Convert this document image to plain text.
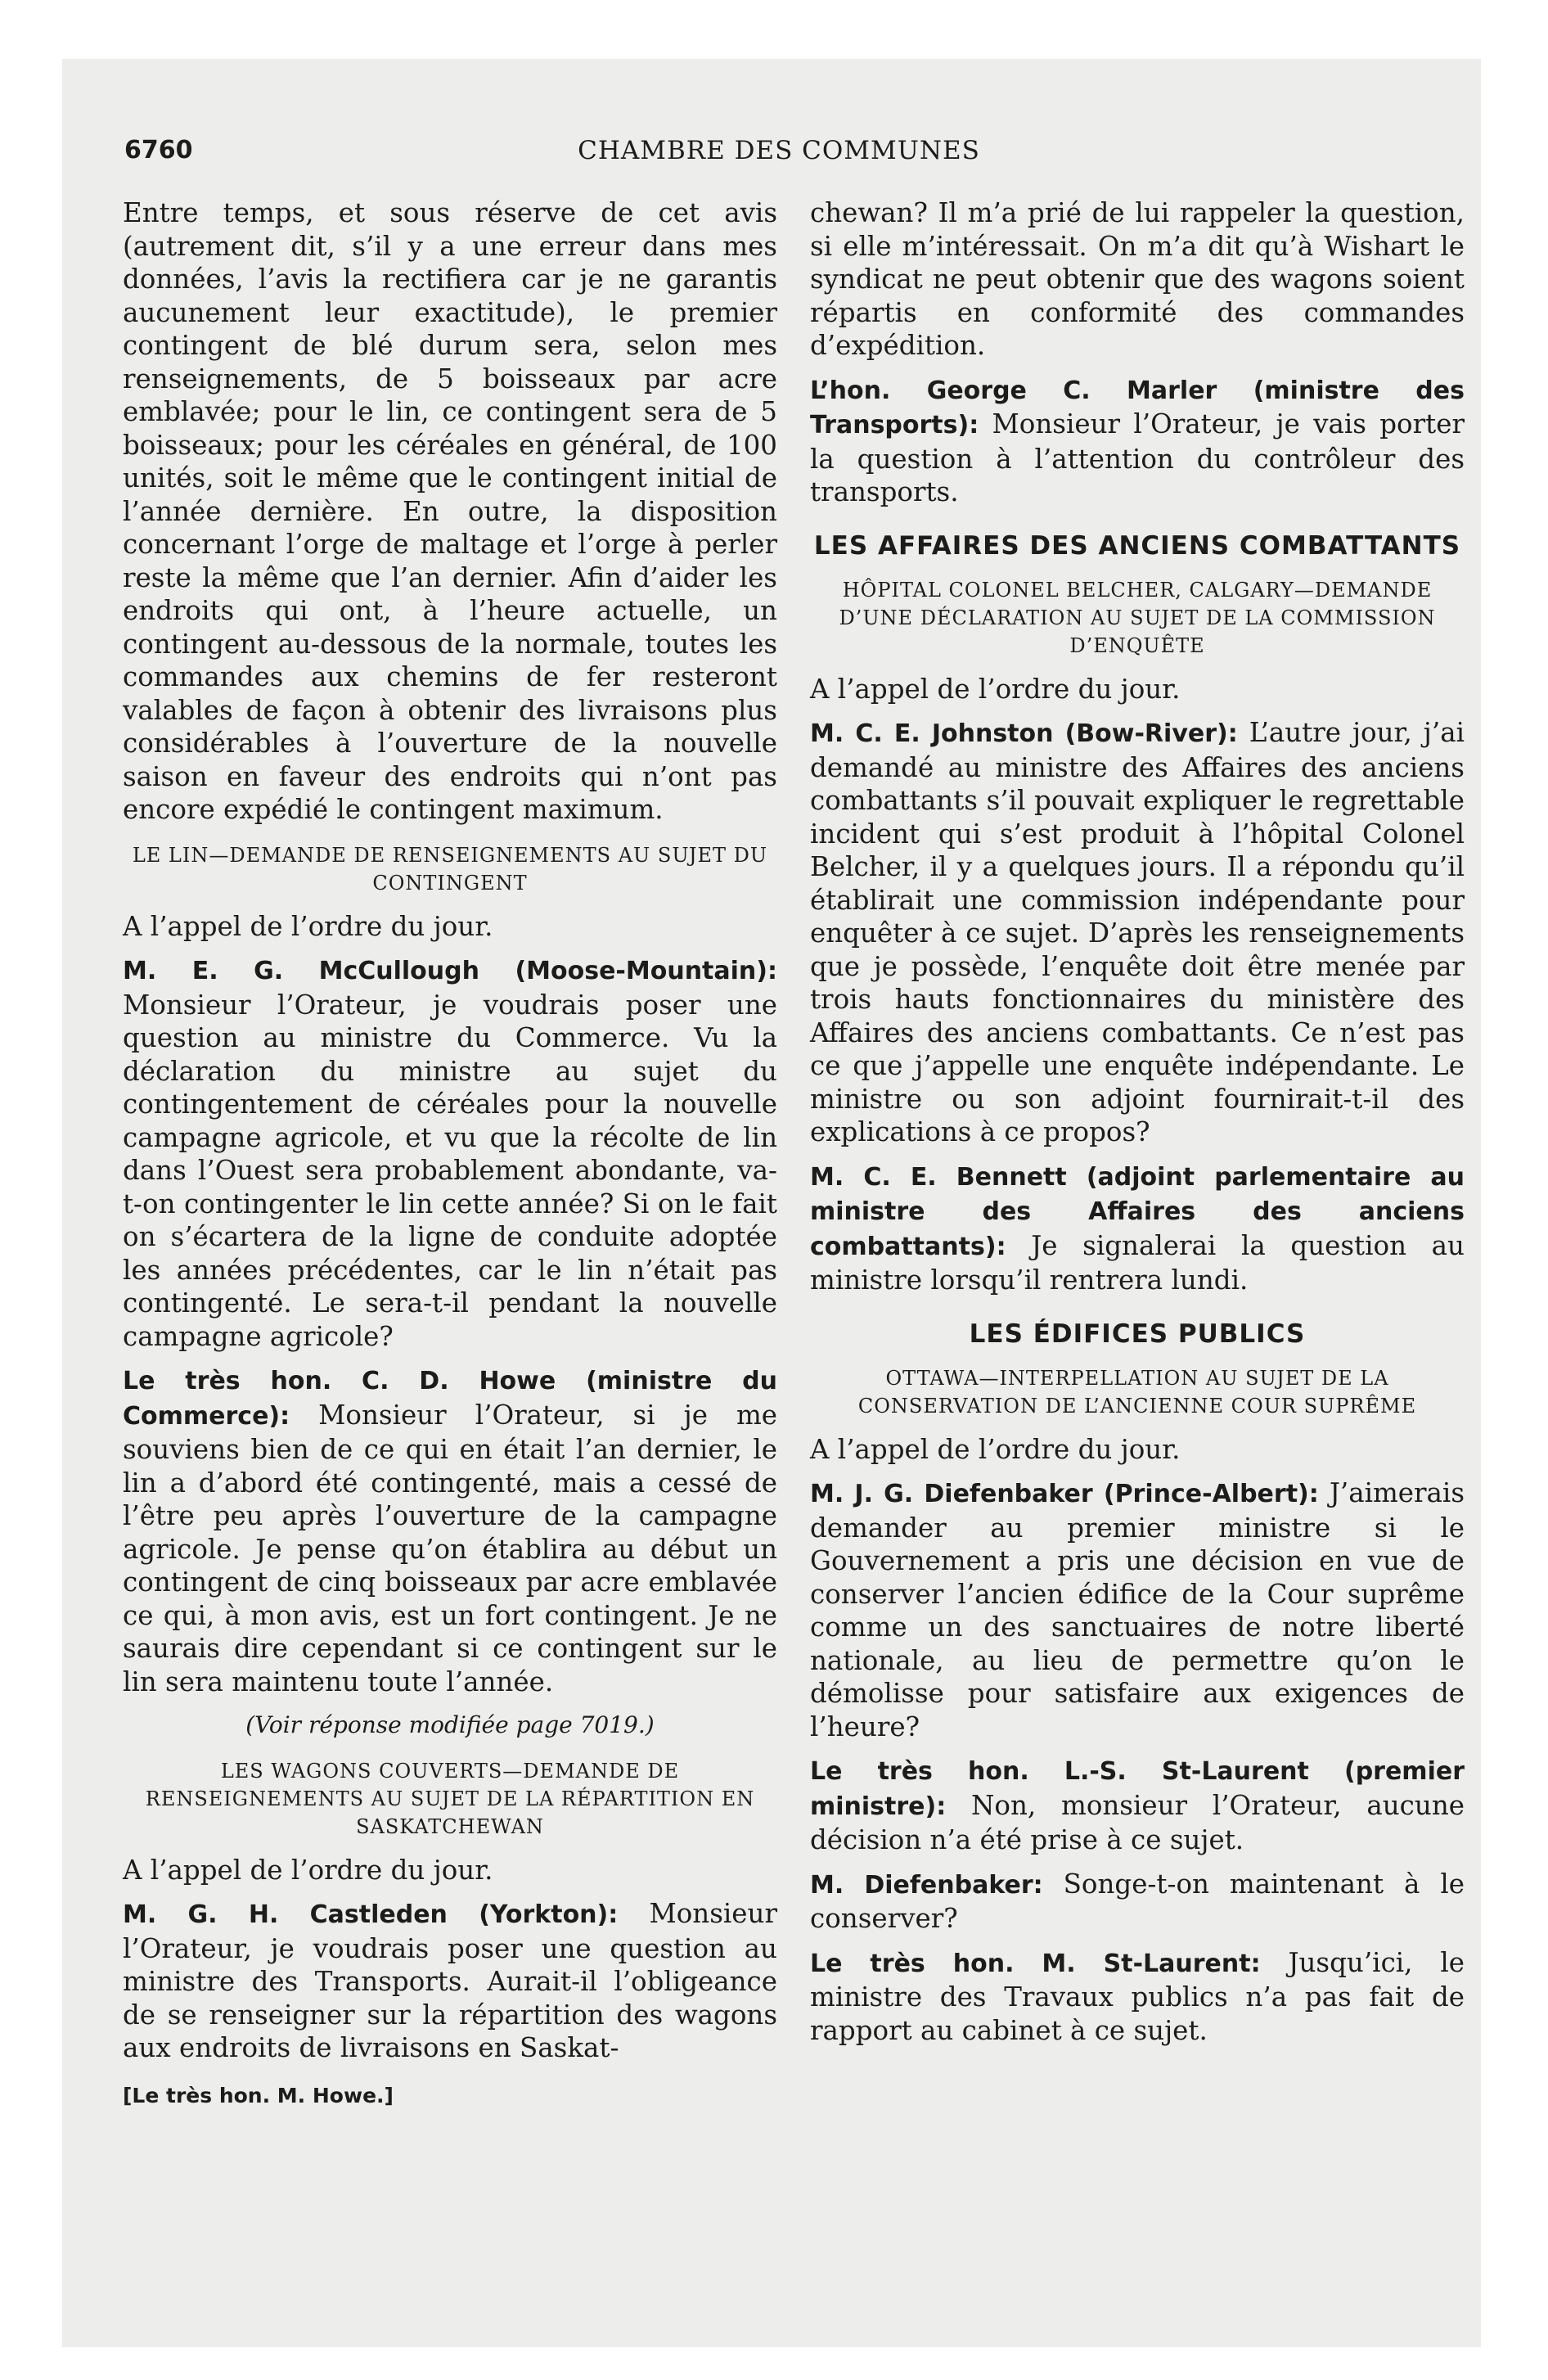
6760	CHAMBRE DES COMMUNES

Entre temps, et sous réserve de cet avis (autrement dit, s’il y a une erreur dans mes données, l’avis la rectifiera car je ne garantis aucunement leur exactitude), le premier contingent de blé durum sera, selon mes renseignements, de 5 boisseaux par acre emblavée; pour le lin, ce contingent sera de 5 boisseaux; pour les céréales en général, de 100 unités, soit le même que le contingent initial de l’année dernière. En outre, la disposition concernant l’orge de maltage et l’orge à perler reste la même que l’an dernier. Afin d’aider les endroits qui ont, à l’heure actuelle, un contingent au-dessous de la normale, toutes les commandes aux chemins de fer resteront valables de façon à obtenir des livraisons plus considérables à l’ouverture de la nouvelle saison en faveur des endroits qui n’ont pas encore expédié le contingent maximum.

LE LIN—DEMANDE DE RENSEIGNEMENTS AU SUJET DU CONTINGENT

A l’appel de l’ordre du jour.

M. E. G. McCullough (Moose-Mountain): Monsieur l’Orateur, je voudrais poser une question au ministre du Commerce. Vu la déclaration du ministre au sujet du contingentement de céréales pour la nouvelle campagne agricole, et vu que la récolte de lin dans l’Ouest sera probablement abondante, va-t-on contingenter le lin cette année? Si on le fait on s’écartera de la ligne de conduite adoptée les années précédentes, car le lin n’était pas contingenté. Le sera-t-il pendant la nouvelle campagne agricole?

Le très hon. C. D. Howe (ministre du Commerce): Monsieur l’Orateur, si je me souviens bien de ce qui en était l’an dernier, le lin a d’abord été contingenté, mais a cessé de l’être peu après l’ouverture de la campagne agricole. Je pense qu’on établira au début un contingent de cinq boisseaux par acre emblavée ce qui, à mon avis, est un fort contingent. Je ne saurais dire cependant si ce contingent sur le lin sera maintenu toute l’année.

(Voir réponse modifiée page 7019.)
LES WAGONS COUVERTS—DEMANDE DE RENSEIGNEMENTS AU SUJET DE LA RÉPARTITION EN SASKATCHEWAN

A l’appel de l’ordre du jour.

M. G. H. Castleden (Yorkton): Monsieur l’Orateur, je voudrais poser une question au ministre des Transports. Aurait-il l’obligeance de se renseigner sur la répartition des wagons aux endroits de livraisons en Saskat-

[Le très hon. M. Howe.]

chewan? Il m’a prié de lui rappeler la question, si elle m’intéressait. On m’a dit qu’à Wishart le syndicat ne peut obtenir que des wagons soient répartis en conformité des commandes d’expédition.

L’hon. George C. Marler (ministre des Transports): Monsieur l’Orateur, je vais porter la question à l’attention du contrôleur des transports.

LES AFFAIRES DES ANCIENS COMBATTANTS
HÔPITAL COLONEL BELCHER, CALGARY—DEMANDE D’UNE DÉCLARATION AU SUJET DE LA COMMISSION D’ENQUÊTE

A l’appel de l’ordre du jour.

M. C. E. Johnston (Bow-River): L’autre jour, j’ai demandé au ministre des Affaires des anciens combattants s’il pouvait expliquer le regrettable incident qui s’est produit à l’hôpital Colonel Belcher, il y a quelques jours. Il a répondu qu’il établirait une commission indépendante pour enquêter à ce sujet. D’après les renseignements que je possède, l’enquête doit être menée par trois hauts fonctionnaires du ministère des Affaires des anciens combattants. Ce n’est pas ce que j’appelle une enquête indépendante. Le ministre ou son adjoint fournirait-t-il des explications à ce propos?

M. C. E. Bennett (adjoint parlementaire au ministre des Affaires des anciens combattants): Je signalerai la question au ministre lorsqu’il rentrera lundi.

LES ÉDIFICES PUBLICS
OTTAWA—INTERPELLATION AU SUJET DE LA CONSERVATION DE L’ANCIENNE COUR SUPRÊME

A l’appel de l’ordre du jour.

M. J. G. Diefenbaker (Prince-Albert): J’aimerais demander au premier ministre si le Gouvernement a pris une décision en vue de conserver l’ancien édifice de la Cour suprême comme un des sanctuaires de notre liberté nationale, au lieu de permettre qu’on le démolisse pour satisfaire aux exigences de l’heure?

Le très hon. L.-S. St-Laurent (premier ministre): Non, monsieur l’Orateur, aucune décision n’a été prise à ce sujet.

M. Diefenbaker: Songe-t-on maintenant à le conserver?

Le très hon. M. St-Laurent: Jusqu’ici, le ministre des Travaux publics n’a pas fait de rapport au cabinet à ce sujet.
